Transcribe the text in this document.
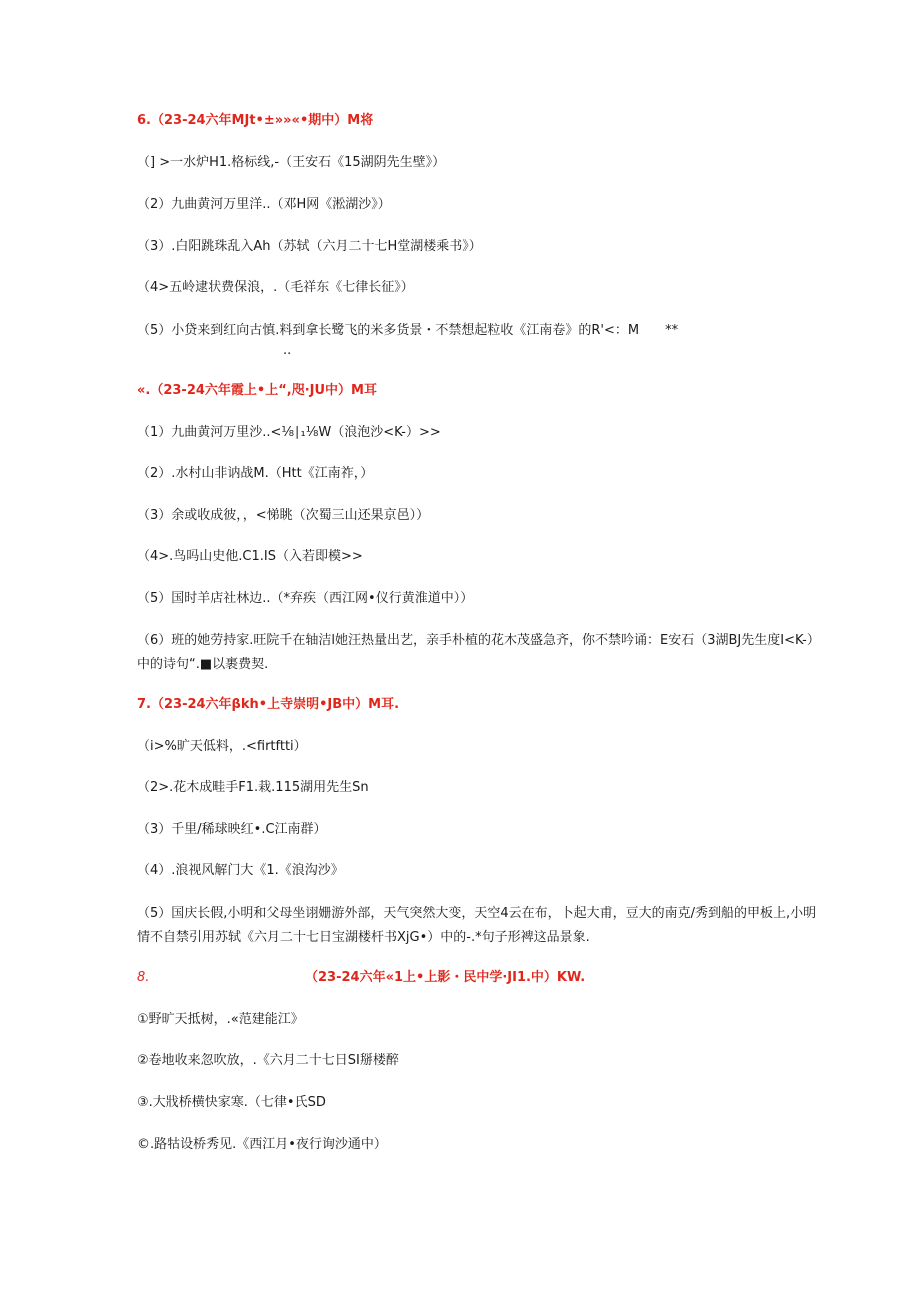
6.（23-24六年MJt•±»»«•期中）M将
（] >一水炉H1.格标线,-（王安石《15湖阴先生壁》）
（2）九曲黄河万里洋..（邓H网《淞湖沙》）
（3）.白阳跳珠乱入Ah（苏轼（六月二十七H堂湖楼乘书》）
（4>五岭逮状费保浪，.（毛祥东《七律长征》）
（5）小贷来到红向古慎.料到拿长鹭飞的米多货景・不禁想起粒收《江南卷》的R'<：M　　**
..
«.（23-24六年霞上•上“,咫·JU中）M耳
（1）九曲黄河万里沙..<⅛∣₁⅛W（浪泡沙<K-）>>
（2）.水村山非讷战M.（Htt《江南祚，）
（3）余或收成彼，，<悌眺（次蜀三山还果京邑））
（4>.鸟吗山史他.C1.IS（入若即模>>
（5）国时羊店社林边..（*弃疾（西江网•仪行黄淮道中））
（6）班的她劳持家.旺院千在轴洁l她汪热量出艺，亲手朴植的花木茂盛急齐，你不禁吟诵：E安石（3湖BJ先生度I<K-）
中的诗句“.■以裹费契.
7.（23-24六年βkh•上寺崇明•JB中）M耳.
（i>%旷天低料，.<firtftti）
（2>.花木成畦手F1.栽.115湖用先生Sn
（3）千里/稀球映红•.C江南群）
（4）.浪视风解门大《1.《浪沟沙》
（5）国庆长假,小明和父母坐诩姗游外部，天气突然大变，天空4云在布，卜起大甫，豆大的南克/秀到船的甲板上,小明
情不自禁引用苏轼《六月二十七日宝湖楼杆书XjG•）中的-.*句子形裨这品景象.
8.	（23-24六年«1上•上影・民中学·JI1.中）KW.
①野旷天抵树，.«范建能江》
②卷地收来忽吹放，.《六月二十七日SI掰楼醉
③.大戕桥横快家寒.（七律•氏SD
©.路牯设桥秀见.《西江月•夜行询沙通中）
